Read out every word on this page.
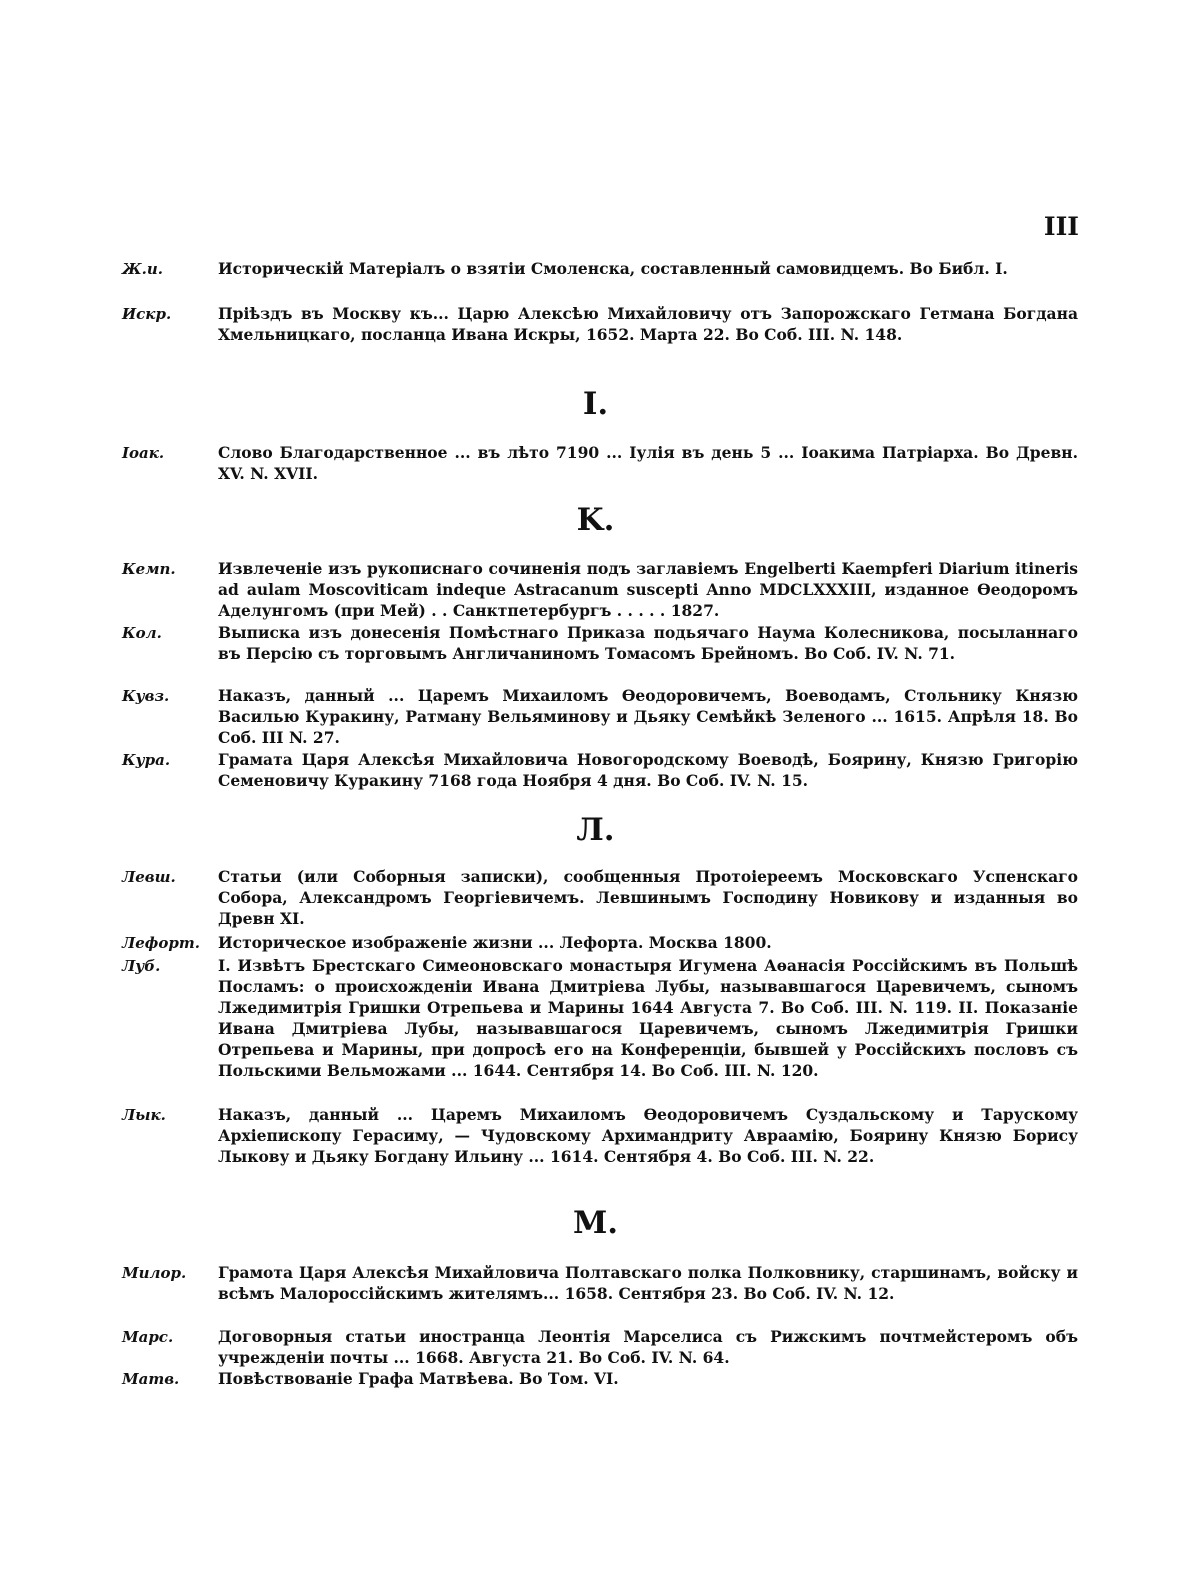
III
Ж.и.	Историческій Матеріалъ о взятіи Смоленска, составленный самовидцемъ. Во Библ. I.
Искр.	Пріѣздъ въ Москву къ... Царю Алексѣю Михайловичу отъ Запорожскаго Гетмана Богдана Хмельницкаго, посланца Ивана Искры, 1652. Марта 22. Во Соб. III. N. 148.
I.
Іоак.	Слово Благодарственное ... въ лѣто 7190 ... Іулія въ день 5 ... Іоакима Патріарха. Во Древн. XV. N. XVII.
K.
Кемп.	Извлеченіе изъ рукописнаго сочиненія подъ заглавіемъ Engelberti Kaempferi Diarium itineris ad aulam Moscoviticam indeque Astracanum suscepti Anno MDCLXXXIII, изданное Ѳеодоромъ Аделунгомъ (при Мей) . . Санктпетербургъ . . . . . 1827.
Кол.	Выписка изъ донесенія Помѣстнаго Приказа подьячаго Наума Колесникова, посыланнаго въ Персію съ торговымъ Англичаниномъ Томасомъ Брейномъ. Во Соб. IV. N. 71.
Кувз.	Наказъ, данный ... Царемъ Михаиломъ Ѳеодоровичемъ, Воеводамъ, Стольнику Князю Василью Куракину, Ратману Вельяминову и Дьяку Семѣйкѣ Зеленого ... 1615. Апрѣля 18. Во Соб. III N. 27.
Кура.	Грамата Царя Алексѣя Михайловича Новогородскому Воеводѣ, Боярину, Князю Григорію Семеновичу Куракину 7168 года Ноября 4 дня. Во Соб. IV. N. 15.
Л.
Левш.	Статьи (или Соборныя записки), сообщенныя Протоіереемъ Московскаго Успенскаго Собора, Александромъ Георгіевичемъ. Левшинымъ Господину Новикову и изданныя во Древн XI.
Лефорт. Историческое изображеніе жизни ... Лефорта. Москва 1800.
Луб.	I. Извѣтъ Брестскаго Симеоновскаго монастыря Игумена Аѳанасія Россійскимъ въ Польшѣ Посламъ: о происхожденіи Ивана Дмитріева Лубы, называвшагося Царевичемъ, сыномъ Лжедимитрія Гришки Отрепьева и Марины 1644 Августа 7. Во Соб. III. N. 119. II. Показаніе Ивана Дмитріева Лубы, называвшагося Царевичемъ, сыномъ Лжедимитрія Гришки Отрепьева и Марины, при допросѣ его на Конференціи, бывшей у Россійскихъ пословъ съ Польскими Вельможами ... 1644. Сентября 14. Во Соб. III. N. 120.
Лык.	Наказъ, данный ... Царемъ Михаиломъ Ѳеодоровичемъ Суздальскому и Тарускому Архіепископу Герасиму, — Чудовскому Архимандриту Авраамію, Боярину Князю Борису Лыкову и Дьяку Богдану Ильину ... 1614. Сентября 4. Во Соб. III. N. 22.
M.
Милор. Грамота Царя Алексѣя Михайловича Полтавскаго полка Полковнику, старшинамъ, войску и всѣмъ Малороссійскимъ жителямъ... 1658. Сентября 23. Во Соб. IV. N. 12.
Марс.	Договорныя статьи иностранца Леонтія Марселиса съ Рижскимъ почтмейстеромъ объ учрежденіи почты ... 1668. Августа 21. Во Соб. IV. N. 64.
Матв. Повѣствованіе Графа Матвѣева. Во Том. VI.
